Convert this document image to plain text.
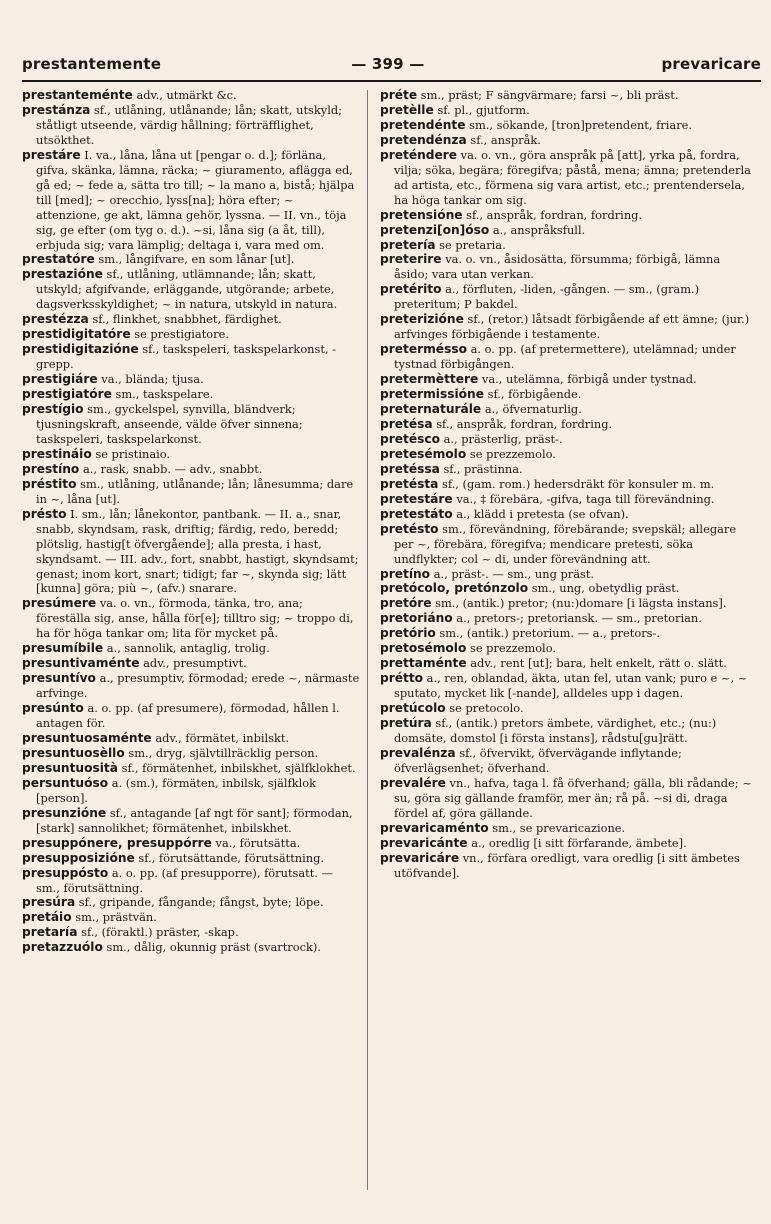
prestantemente	— 399 —	prevaricare

prestanteménte adv., utmärkt &c.

prestánza sf., utlåning, utlånande; lån; skatt, utskyld; ståtligt utseende, värdig hållning; förträfflighet, utsökthet.

prestáre I. va., låna, låna ut [pengar o. d.]; förläna, gifva, skänka, lämna, räcka; ~ giuramento, aflägga ed, gå ed; ~ fede a, sätta tro till; ~ la mano a, bistå; hjälpa till [med]; ~ orecchio, lyss[na]; höra efter; ~ attenzione, ge akt, lämna gehör, lyssna. — II. vn., töja sig, ge efter (om tyg o. d.). ~si, låna sig (a åt, till), erbjuda sig; vara lämplig; deltaga i, vara med om.

prestatóre sm., långifvare, en som lånar [ut].

prestazióne sf., utlåning, utlämnande; lån; skatt, utskyld; afgifvande, erläggande, utgörande; arbete, dagsverksskyldighet; ~ in natura, utskyld in natura.

prestézza sf., flinkhet, snabbhet, färdighet.

prestidigitatóre se prestigiatore.

prestidigitazióne sf., taskspeleri, taskspelarkonst, -grepp.

prestigiáre va., blända; tjusa.

prestigiatóre sm., taskspelare.

prestígio sm., gyckelspel, synvilla, bländverk; tjusningskraft, anseende, välde öfver sinnena; taskspeleri, taskspelarkonst.

prestináio se pristinaio.

prestíno a., rask, snabb. — adv., snabbt.

préstito sm., utlåning, utlånande; lån; lånesumma; dare in ~, låna [ut].

présto I. sm., lån; lånekontor, pantbank. — II. a., snar, snabb, skyndsam, rask, driftig; färdig, redo, beredd; plötslig, hastig[t öfvergående]; alla presta, i hast, skyndsamt. — III. adv., fort, snabbt, hastigt, skyndsamt; genast; inom kort, snart; tidigt; far ~, skynda sig; lätt [kunna] göra; più ~, (afv.) snarare.

presúmere va. o. vn., förmoda, tänka, tro, ana; föreställa sig, anse, hålla för[e]; tilltro sig; ~ troppo di, ha för höga tankar om; lita för mycket på.

presumíbile a., sannolik, antaglig, trolig.

presuntivaménte adv., presumptivt.

presuntívo a., presumptiv, förmodad; erede ~, närmaste arfvinge.

presúnto a. o. pp. (af presumere), förmodad, hållen l. antagen för.

presuntuosaménte adv., förmätet, inbilskt.

presuntuosèllo sm., dryg, självtillräcklig person.

presuntuosità sf., förmätenhet, inbilskhet, själfklokhet.

persuntuóso a. (sm.), förmäten, inbilsk, själfklok [person].

presunzióne sf., antagande [af ngt för sant]; förmodan, [stark] sannolikhet; förmätenhet, inbilskhet.

presuppónere, presuppórre va., förutsätta.

presupposizióne sf., förutsättande, förutsättning.

presuppósto a. o. pp. (af presupporre), förutsatt. — sm., förutsättning.

presúra sf., gripande, fångande; fångst, byte; löpe.

pretáio sm., prästvän.

pretaría sf., (föraktl.) präster, -skap.

pretazzuólo sm., dålig, okunnig präst (svartrock).

préte sm., präst; F sängvärmare; farsi ~, bli präst.

pretèlle sf. pl., gjutform.

pretendénte sm., sökande, [tron]pretendent, friare.

pretendénza sf., anspråk.

preténdere va. o. vn., göra anspråk på [att], yrka på, fordra, vilja; söka, begära; föregifva; påstå, mena; ämna; pretenderla ad artista, etc., förmena sig vara artist, etc.; prentendersela, ha höga tankar om sig.

pretensióne sf., anspråk, fordran, fordring.

pretenzi[on]óso a., anspråksfull.

pretería se pretaria.

preterire va. o. vn., åsidosätta, försumma; förbigå, lämna åsido; vara utan verkan.

pretérito a., förfluten, -liden, -gången. — sm., (gram.) preteritum; P bakdel.

preterizióne sf., (retor.) låtsadt förbigående af ett ämne; (jur.) arfvinges förbigående i testamente.

pretermésso a. o. pp. (af pretermettere), utelämnad; under tystnad förbigången.

pretermèttere va., utelämna, förbigå under tystnad.

pretermissióne sf., förbigående.

preternaturále a., öfvernaturlig.

pretésa sf., anspråk, fordran, fordring.

pretésco a., prästerlig, präst-.

pretesémolo se prezzemolo.

pretéssa sf., prästinna.

pretésta sf., (gam. rom.) hedersdräkt för konsuler m. m.

pretestáre va., ‡ förebära, -gifva, taga till förevändning.

pretestáto a., klädd i pretesta (se ofvan).

pretésto sm., förevändning, förebärande; svepskäl; allegare per ~, förebära, föregifva; mendicare pretesti, söka undflykter; col ~ di, under förevändning att.

pretíno a., präst-. — sm., ung präst.

pretócolo, pretónzolo sm., ung, obetydlig präst.

pretóre sm., (antik.) pretor; (nu:)domare [i lägsta instans].

pretoriáno a., pretors-; pretoriansk. — sm., pretorian.

pretório sm., (antik.) pretorium. — a., pretors-.

pretosémolo se prezzemolo.

prettaménte adv., rent [ut]; bara, helt enkelt, rätt o. slätt.

prétto a., ren, oblandad, äkta, utan fel, utan vank; puro e ~, ~ sputato, mycket lik [-nande], alldeles upp i dagen.

pretúcolo se pretocolo.

pretúra sf., (antik.) pretors ämbete, värdighet, etc.; (nu:) domsäte, domstol [i första instans], rådstu[gu]rätt.

prevalénza sf., öfvervikt, öfvervägande inflytande; öfverlägsenhet; öfverhand.

prevalére vn., hafva, taga l. få öfverhand; gälla, bli rådande; ~ su, göra sig gällande framför, mer än; rå på. ~si di, draga fördel af, göra gällande.

prevaricaménto sm., se prevaricazione.

prevaricánte a., oredlig [i sitt förfarande, ämbete].

prevaricáre vn., förfara oredligt, vara oredlig [i sitt ämbetes utöfvande].
